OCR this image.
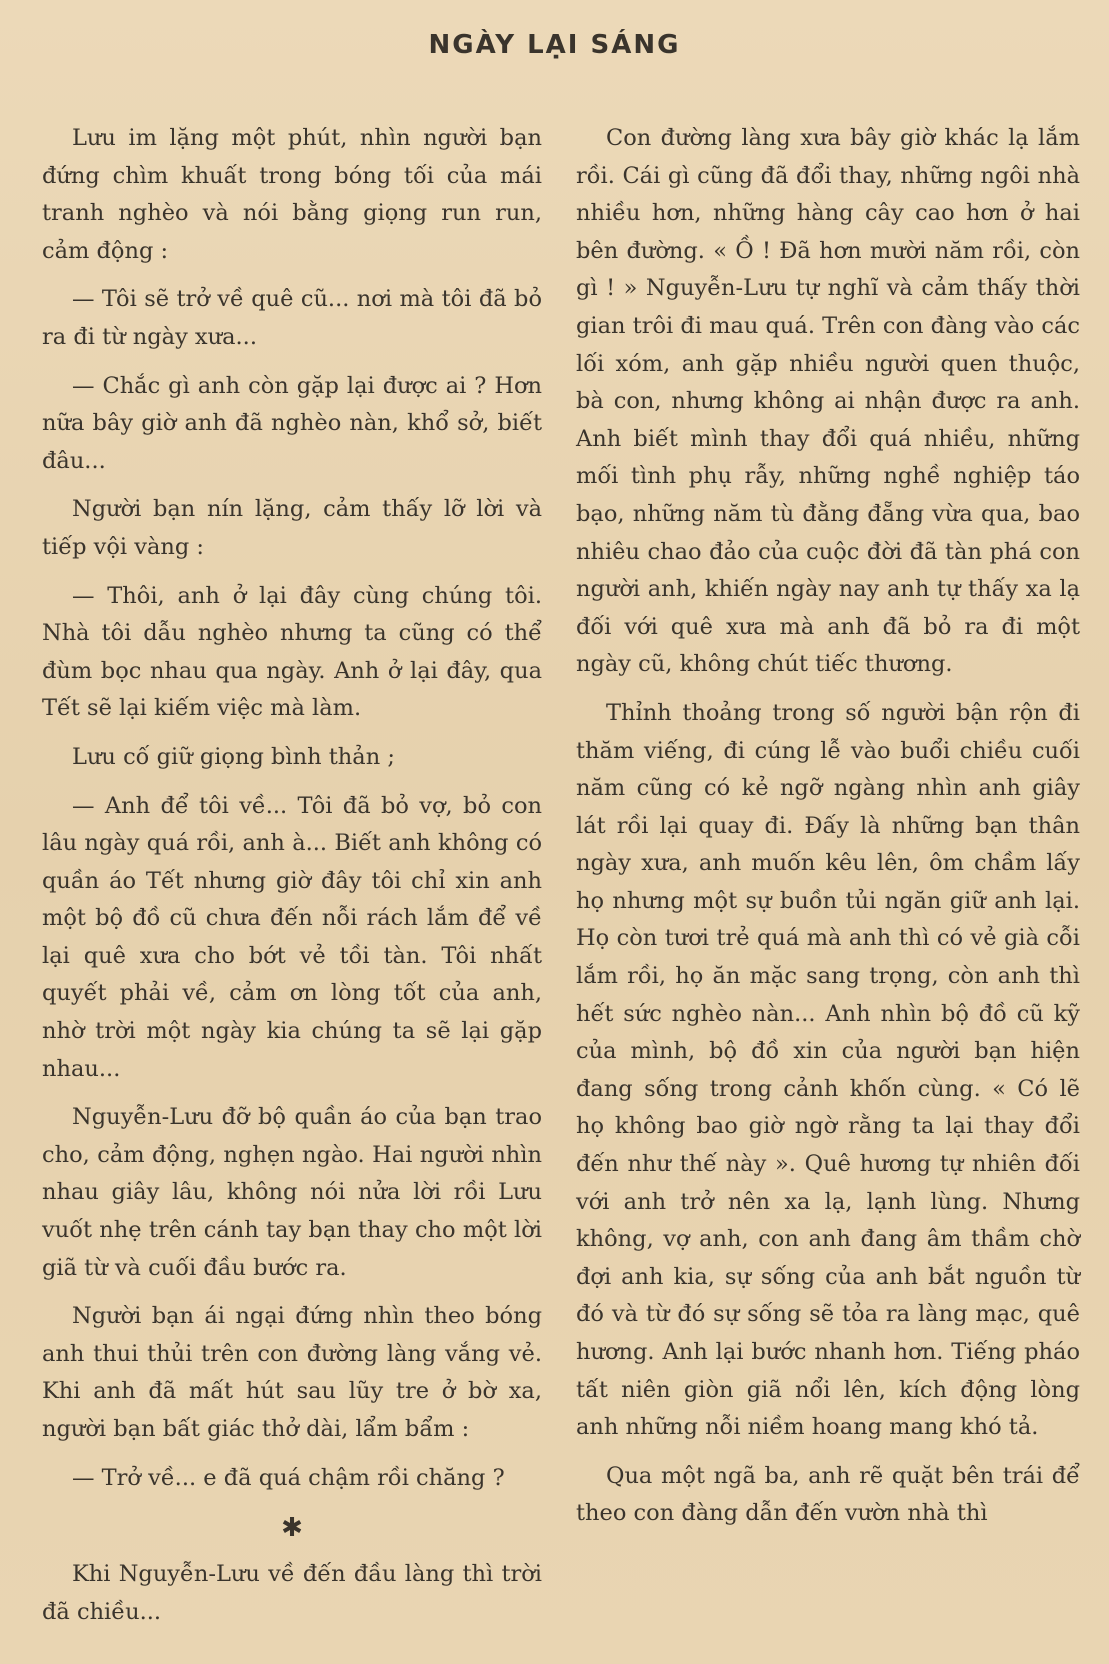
NGÀY LẠI SÁNG

Lưu im lặng một phút, nhìn người bạn đứng chìm khuất trong bóng tối của mái tranh nghèo và nói bằng giọng run run, cảm động :

— Tôi sẽ trở về quê cũ... nơi mà tôi đã bỏ ra đi từ ngày xưa...

— Chắc gì anh còn gặp lại được ai ? Hơn nữa bây giờ anh đã nghèo nàn, khổ sở, biết đâu...

Người bạn nín lặng, cảm thấy lỡ lời và tiếp vội vàng :

— Thôi, anh ở lại đây cùng chúng tôi. Nhà tôi dẫu nghèo nhưng ta cũng có thể đùm bọc nhau qua ngày. Anh ở lại đây, qua Tết sẽ lại kiếm việc mà làm.

Lưu cố giữ giọng bình thản ;

— Anh để tôi về... Tôi đã bỏ vợ, bỏ con lâu ngày quá rồi, anh à... Biết anh không có quần áo Tết nhưng giờ đây tôi chỉ xin anh một bộ đồ cũ chưa đến nỗi rách lắm để về lại quê xưa cho bớt vẻ tồi tàn. Tôi nhất quyết phải về, cảm ơn lòng tốt của anh, nhờ trời một ngày kia chúng ta sẽ lại gặp nhau...

Nguyễn-Lưu đỡ bộ quần áo của bạn trao cho, cảm động, nghẹn ngào. Hai người nhìn nhau giây lâu, không nói nửa lời rồi Lưu vuốt nhẹ trên cánh tay bạn thay cho một lời giã từ và cuối đầu bước ra.

Người bạn ái ngại đứng nhìn theo bóng anh thui thủi trên con đường làng vắng vẻ. Khi anh đã mất hút sau lũy tre ở bờ xa, người bạn bất giác thở dài, lẩm bẩm :

— Trở về... e đã quá chậm rồi chăng ?

✱

Khi Nguyễn-Lưu về đến đầu làng thì trời đã chiều...

Con đường làng xưa bây giờ khác lạ lắm rồi. Cái gì cũng đã đổi thay, những ngôi nhà nhiều hơn, những hàng cây cao hơn ở hai bên đường. « Ồ ! Đã hơn mười năm rồi, còn gì ! » Nguyễn-Lưu tự nghĩ và cảm thấy thời gian trôi đi mau quá. Trên con đàng vào các lối xóm, anh gặp nhiều người quen thuộc, bà con, nhưng không ai nhận được ra anh. Anh biết mình thay đổi quá nhiều, những mối tình phụ rẫy, những nghề nghiệp táo bạo, những năm tù đằng đẵng vừa qua, bao nhiêu chao đảo của cuộc đời đã tàn phá con người anh, khiến ngày nay anh tự thấy xa lạ đối với quê xưa mà anh đã bỏ ra đi một ngày cũ, không chút tiếc thương.

Thỉnh thoảng trong số người bận rộn đi thăm viếng, đi cúng lễ vào buổi chiều cuối năm cũng có kẻ ngỡ ngàng nhìn anh giây lát rồi lại quay đi. Đấy là những bạn thân ngày xưa, anh muốn kêu lên, ôm chầm lấy họ nhưng một sự buồn tủi ngăn giữ anh lại. Họ còn tươi trẻ quá mà anh thì có vẻ già cỗi lắm rồi, họ ăn mặc sang trọng, còn anh thì hết sức nghèo nàn... Anh nhìn bộ đồ cũ kỹ của mình, bộ đồ xin của người bạn hiện đang sống trong cảnh khốn cùng. « Có lẽ họ không bao giờ ngờ rằng ta lại thay đổi đến như thế này ». Quê hương tự nhiên đối với anh trở nên xa lạ, lạnh lùng. Nhưng không, vợ anh, con anh đang âm thầm chờ đợi anh kia, sự sống của anh bắt nguồn từ đó và từ đó sự sống sẽ tỏa ra làng mạc, quê hương. Anh lại bước nhanh hơn. Tiếng pháo tất niên giòn giã nổi lên, kích động lòng anh những nỗi niềm hoang mang khó tả.

Qua một ngã ba, anh rẽ quặt bên trái để theo con đàng dẫn đến vườn nhà thì
